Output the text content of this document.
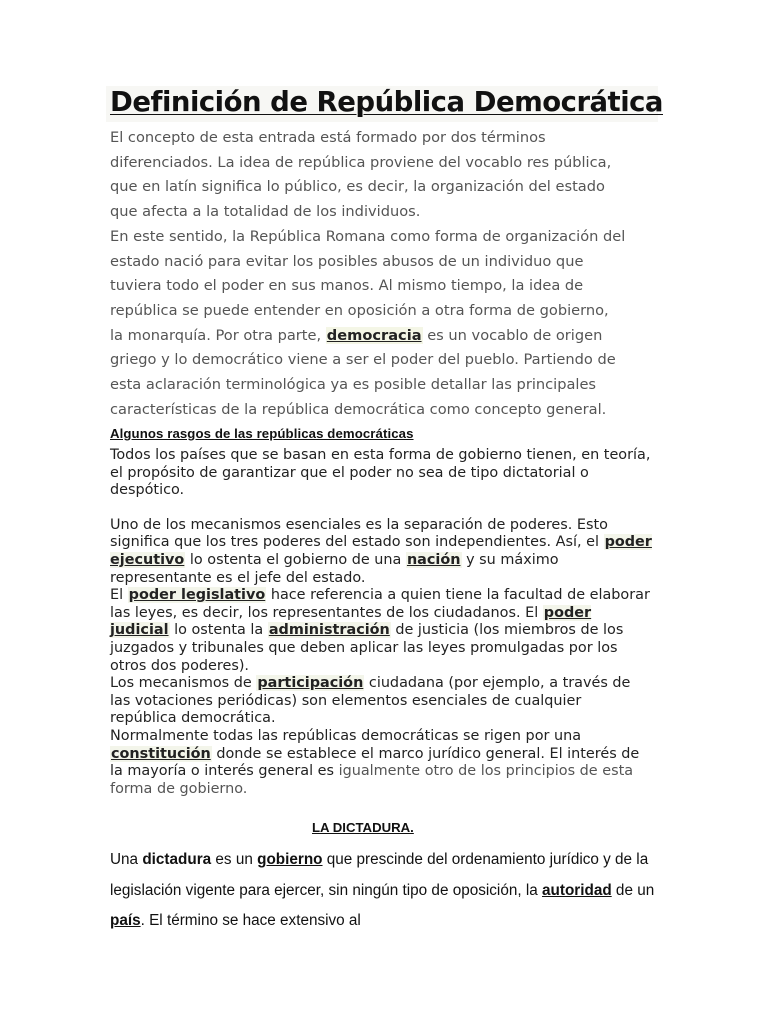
Definición de República Democrática

El concepto de esta entrada está formado por dos términos

diferenciados. La idea de república proviene del vocablo res pública,

que en latín significa lo público, es decir, la organización del estado

que afecta a la totalidad de los individuos.

En este sentido, la República Romana como forma de organización del

estado nació para evitar los posibles abusos de un individuo que

tuviera todo el poder en sus manos. Al mismo tiempo, la idea de

república se puede entender en oposición a otra forma de gobierno,

la monarquía. Por otra parte, democracia es un vocablo de origen

griego y lo democrático viene a ser el poder del pueblo. Partiendo de

esta aclaración terminológica ya es posible detallar las principales

características de la república democrática como concepto general.

Algunos rasgos de las repúblicas democráticas

Todos los países que se basan en esta forma de gobierno tienen, en teoría, el propósito de garantizar que el poder no sea de tipo dictatorial o despótico.

Uno de los mecanismos esenciales es la separación de poderes. Esto significa que los tres poderes del estado son independientes. Así, el poder ejecutivo lo ostenta el gobierno de una nación y su máximo representante es el jefe del estado.

El poder legislativo hace referencia a quien tiene la facultad de elaborar las leyes, es decir, los representantes de los ciudadanos. El poder judicial lo ostenta la administración de justicia (los miembros de los juzgados y tribunales que deben aplicar las leyes promulgadas por los otros dos poderes).

Los mecanismos de participación ciudadana (por ejemplo, a través de las votaciones periódicas) son elementos esenciales de cualquier república democrática.

Normalmente todas las repúblicas democráticas se rigen por una constitución donde se establece el marco jurídico general. El interés de la mayoría o interés general es igualmente otro de los principios de esta forma de gobierno.

LA DICTADURA.

Una dictadura es un gobierno que prescinde del ordenamiento jurídico y de la legislación vigente para ejercer, sin ningún tipo de oposición, la autoridad de un país. El término se hace extensivo al
